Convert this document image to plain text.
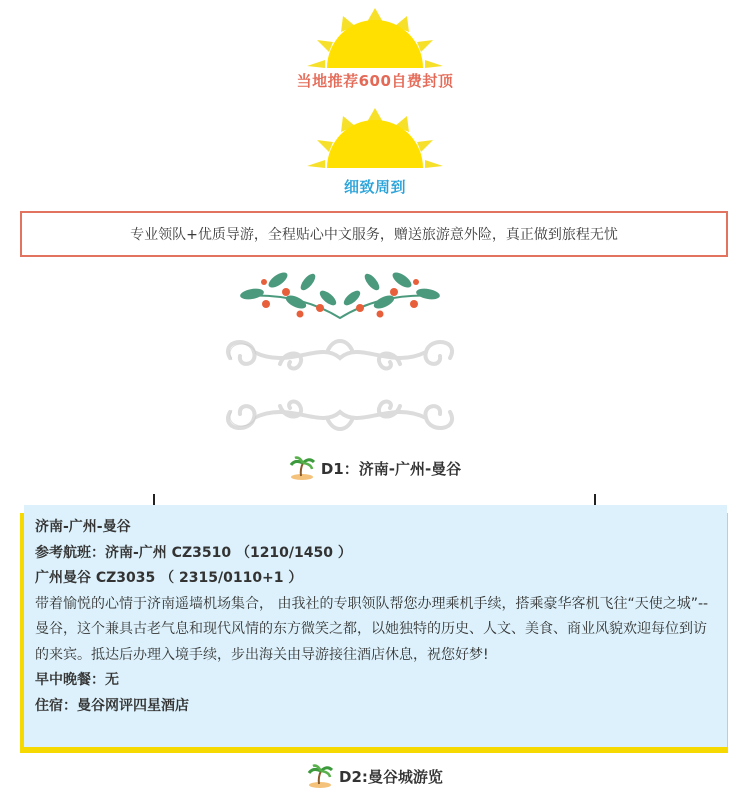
当地推荐600自费封顶
细致周到
专业领队+优质导游，全程贴心中文服务，赠送旅游意外险，真正做到旅程无忧
D1：济南-广州-曼谷

济南-广州-曼谷

参考航班：济南-广州 CZ3510 （1210/1450 ）

广州曼谷 CZ3035 （ 2315/0110+1 ）

带着愉悦的心情于济南遥墙机场集合， 由我社的专职领队帮您办理乘机手续，搭乘豪华客机飞往“天使之城”--曼谷，这个兼具古老气息和现代风情的东方微笑之都，以她独特的历史、人文、美食、商业风貌欢迎每位到访的来宾。抵达后办理入境手续，步出海关由导游接往酒店休息，祝您好梦!

早中晚餐：无

住宿：曼谷网评四星酒店

D2:曼谷城游览
